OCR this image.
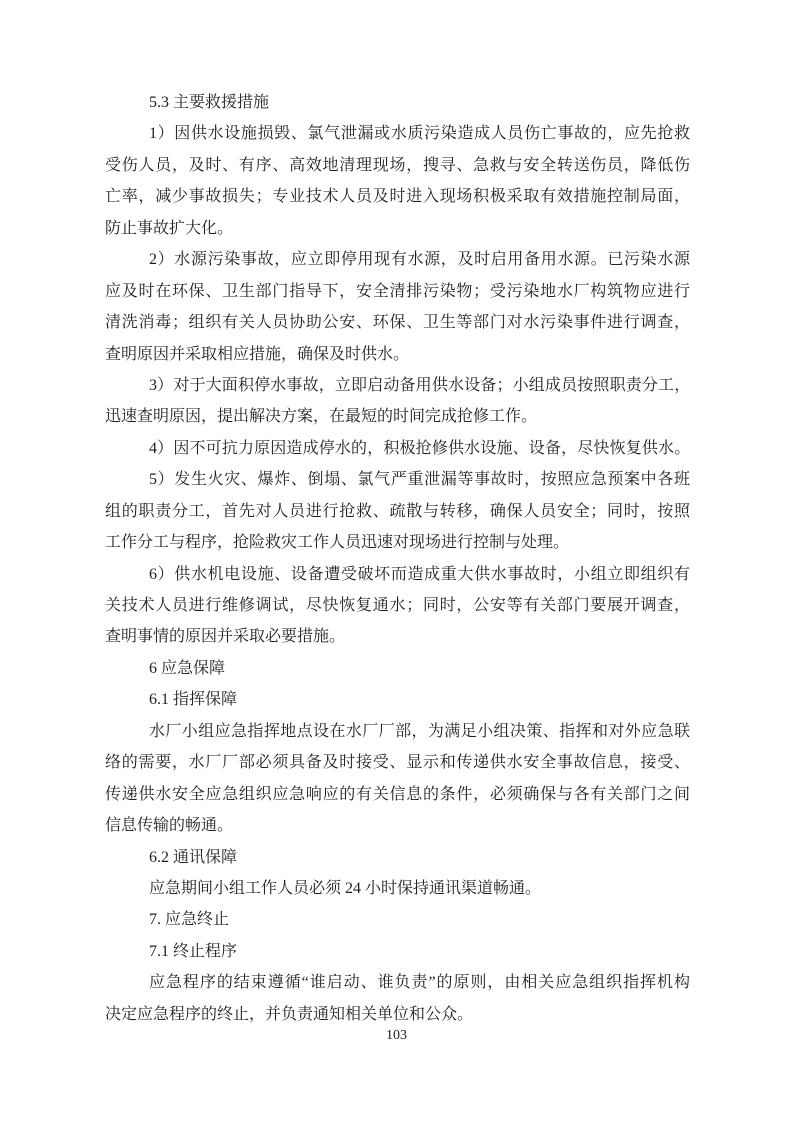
5.3 主要救援措施
1）因供水设施损毁、氯气泄漏或水质污染造成人员伤亡事故的，应先抢救
受伤人员，及时、有序、高效地清理现场，搜寻、急救与安全转送伤员，降低伤
亡率，减少事故损失；专业技术人员及时进入现场积极采取有效措施控制局面，
防止事故扩大化。
2）水源污染事故，应立即停用现有水源，及时启用备用水源。已污染水源
应及时在环保、卫生部门指导下，安全清排污染物；受污染地水厂构筑物应进行
清洗消毒；组织有关人员协助公安、环保、卫生等部门对水污染事件进行调查，
查明原因并采取相应措施，确保及时供水。
3）对于大面积停水事故，立即启动备用供水设备；小组成员按照职责分工，
迅速查明原因，提出解决方案，在最短的时间完成抢修工作。
4）因不可抗力原因造成停水的，积极抢修供水设施、设备，尽快恢复供水。
5）发生火灾、爆炸、倒塌、氯气严重泄漏等事故时，按照应急预案中各班
组的职责分工，首先对人员进行抢救、疏散与转移，确保人员安全；同时，按照
工作分工与程序，抢险救灾工作人员迅速对现场进行控制与处理。
6）供水机电设施、设备遭受破坏而造成重大供水事故时，小组立即组织有
关技术人员进行维修调试，尽快恢复通水；同时，公安等有关部门要展开调查，
查明事情的原因并采取必要措施。
6 应急保障
6.1 指挥保障
水厂小组应急指挥地点设在水厂厂部，为满足小组决策、指挥和对外应急联
络的需要，水厂厂部必须具备及时接受、显示和传递供水安全事故信息，接受、
传递供水安全应急组织应急响应的有关信息的条件，必须确保与各有关部门之间
信息传输的畅通。
6.2 通讯保障
应急期间小组工作人员必须 24 小时保持通讯渠道畅通。
7. 应急终止
7.1 终止程序
应急程序的结束遵循“谁启动、谁负责”的原则，由相关应急组织指挥机构
决定应急程序的终止，并负责通知相关单位和公众。
103
